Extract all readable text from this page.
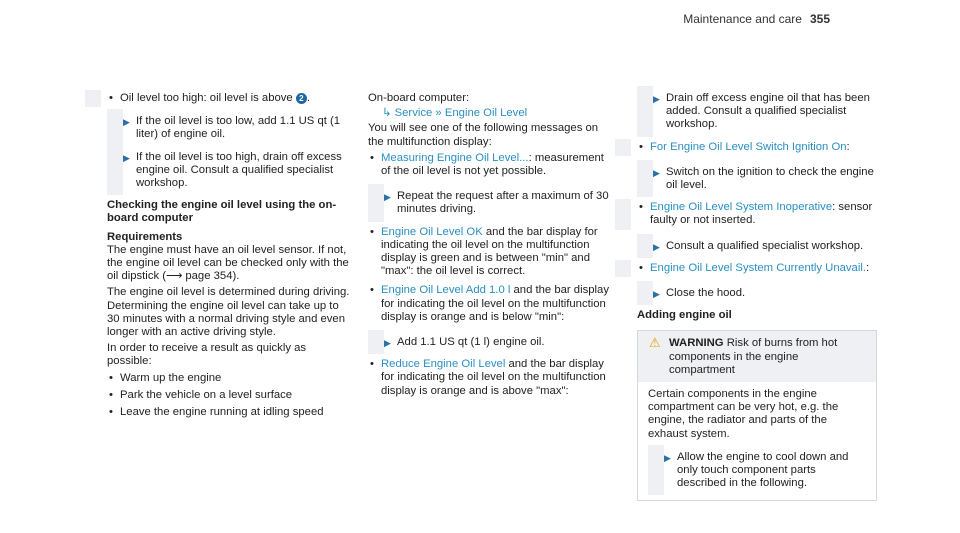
Maintenance and care 355
• Oil level too high: oil level is above 2 .
▶ If the oil level is too low, add 1.1 US qt (1 liter) of engine oil.
▶ If the oil level is too high, drain off excess engine oil. Consult a qualified specialist workshop.
Checking the engine oil level using the on-board computer
Requirements
The engine must have an oil level sensor. If not, the engine oil level can be checked only with the oil dipstick (⟶ page 354).
The engine oil level is determined during driving. Determining the engine oil level can take up to 30 minutes with a normal driving style and even longer with an active driving style.
In order to receive a result as quickly as possible:
• Warm up the engine
• Park the vehicle on a level surface
• Leave the engine running at idling speed
On-board computer:
↳ Service » Engine Oil Level
You will see one of the following messages on the multifunction display:
• Measuring Engine Oil Level...: measurement of the oil level is not yet possible.
▶ Repeat the request after a maximum of 30 minutes driving.
• Engine Oil Level OK and the bar display for indicating the oil level on the multifunction display is green and is between "min" and "max": the oil level is correct.
• Engine Oil Level Add 1.0 l and the bar display for indicating the oil level on the multifunction display is orange and is below "min":
▶ Add 1.1 US qt (1 l) engine oil.
• Reduce Engine Oil Level and the bar display for indicating the oil level on the multifunction display is orange and is above "max":
▶ Drain off excess engine oil that has been added. Consult a qualified specialist workshop.
• For Engine Oil Level Switch Ignition On:
▶ Switch on the ignition to check the engine oil level.
• Engine Oil Level System Inoperative: sensor faulty or not inserted.
▶ Consult a qualified specialist workshop.
• Engine Oil Level System Currently Unavail.:
▶ Close the hood.
Adding engine oil
⚠ WARNING Risk of burns from hot components in the engine compartment
Certain components in the engine compartment can be very hot, e.g. the engine, the radiator and parts of the exhaust system.
▶ Allow the engine to cool down and only touch component parts described in the following.
